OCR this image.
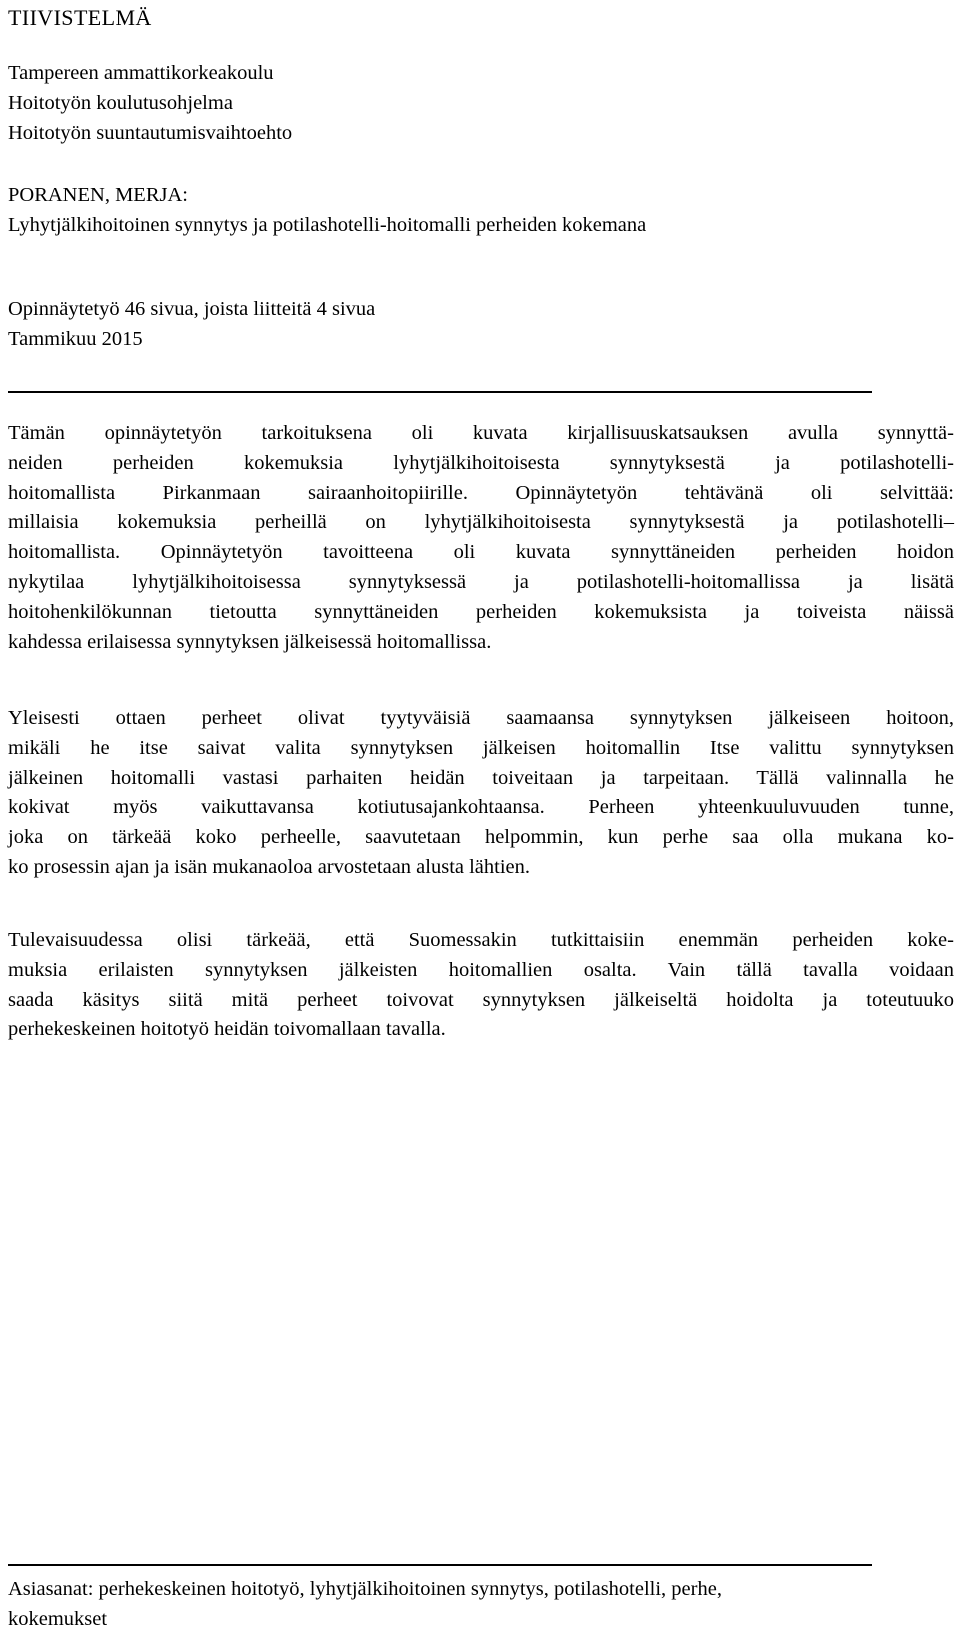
TIIVISTELMÄ
Tampereen ammattikorkeakoulu
Hoitotyön koulutusohjelma
Hoitotyön suuntautumisvaihtoehto
PORANEN, MERJA:
Lyhytjälkihoitoinen synnytys ja potilashotelli-hoitomalli perheiden kokemana
Opinnäytetyö 46 sivua, joista liitteitä 4 sivua
Tammikuu 2015
Tämän opinnäytetyön tarkoituksena oli kuvata kirjallisuuskatsauksen avulla synnyttä-
neiden perheiden kokemuksia lyhytjälkihoitoisesta synnytyksestä ja potilashotelli-
hoitomallista Pirkanmaan sairaanhoitopiirille. Opinnäytetyön tehtävänä oli selvittää:
millaisia kokemuksia perheillä on lyhytjälkihoitoisesta synnytyksestä ja potilashotelli–
hoitomallista. Opinnäytetyön tavoitteena oli kuvata synnyttäneiden perheiden hoidon
nykytilaa lyhytjälkihoitoisessa synnytyksessä ja potilashotelli-hoitomallissa ja lisätä
hoitohenkilökunnan tietoutta synnyttäneiden perheiden kokemuksista ja toiveista näissä
kahdessa erilaisessa synnytyksen jälkeisessä hoitomallissa.
Yleisesti ottaen perheet olivat tyytyväisiä saamaansa synnytyksen jälkeiseen hoitoon,
mikäli he itse saivat valita synnytyksen jälkeisen hoitomallin Itse valittu synnytyksen
jälkeinen hoitomalli vastasi parhaiten heidän toiveitaan ja tarpeitaan. Tällä valinnalla he
kokivat myös vaikuttavansa kotiutusajankohtaansa. Perheen yhteenkuuluvuuden tunne,
joka on tärkeää koko perheelle, saavutetaan helpommin, kun perhe saa olla mukana ko-
ko prosessin ajan ja isän mukanaoloa arvostetaan alusta lähtien.
Tulevaisuudessa olisi tärkeää, että Suomessakin tutkittaisiin enemmän perheiden koke-
muksia erilaisten synnytyksen jälkeisten hoitomallien osalta. Vain tällä tavalla voidaan
saada käsitys siitä mitä perheet toivovat synnytyksen jälkeiseltä hoidolta ja toteutuuko
perhekeskeinen hoitotyö heidän toivomallaan tavalla.
Asiasanat: perhekeskeinen hoitotyö, lyhytjälkihoitoinen synnytys, potilashotelli, perhe,
kokemukset
